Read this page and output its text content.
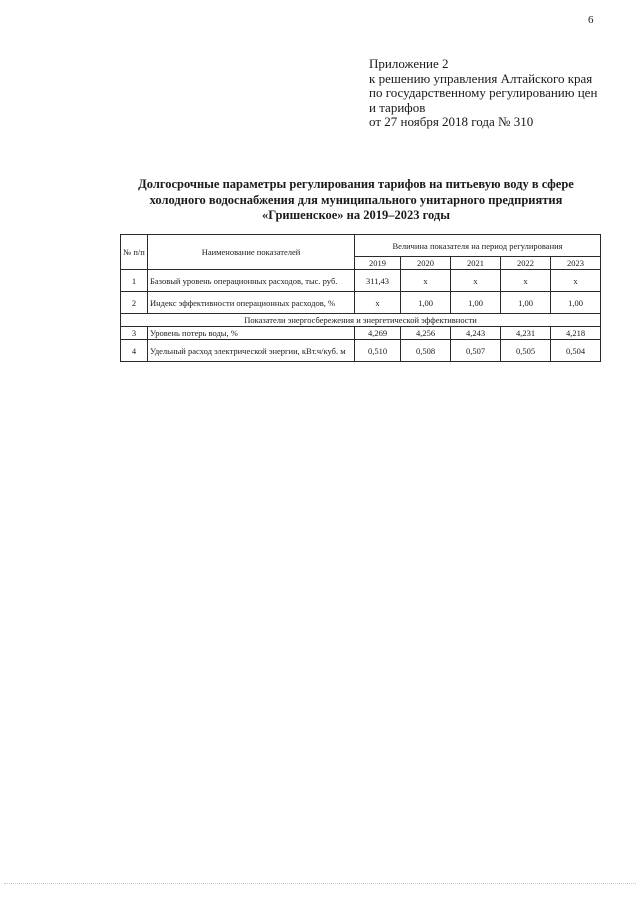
6
Приложение 2
к решению управления Алтайского края
по государственному регулированию цен
и тарифов
от 27 ноября 2018 года № 310
Долгосрочные параметры регулирования тарифов на питьевую воду в сфере
холодного водоснабжения для муниципального унитарного предприятия
«Гришенское» на 2019–2023 годы
№ п/п	Наименование показателей	Величина показателя на период регулирования				
		2019	2020	2021	2022	2023
1	Базовый уровень операционных расходов, тыс. руб.	311,43	х	х	х	х
2	Индекс эффективности операционных расходов, %	х	1,00	1,00	1,00	1,00
Показатели энергосбережения и энергетической эффективности						
3	Уровень потерь воды, %	4,269	4,256	4,243	4,231	4,218
4	Удельный расход электрической энергии, кВт.ч/куб. м	0,510	0,508	0,507	0,505	0,504
